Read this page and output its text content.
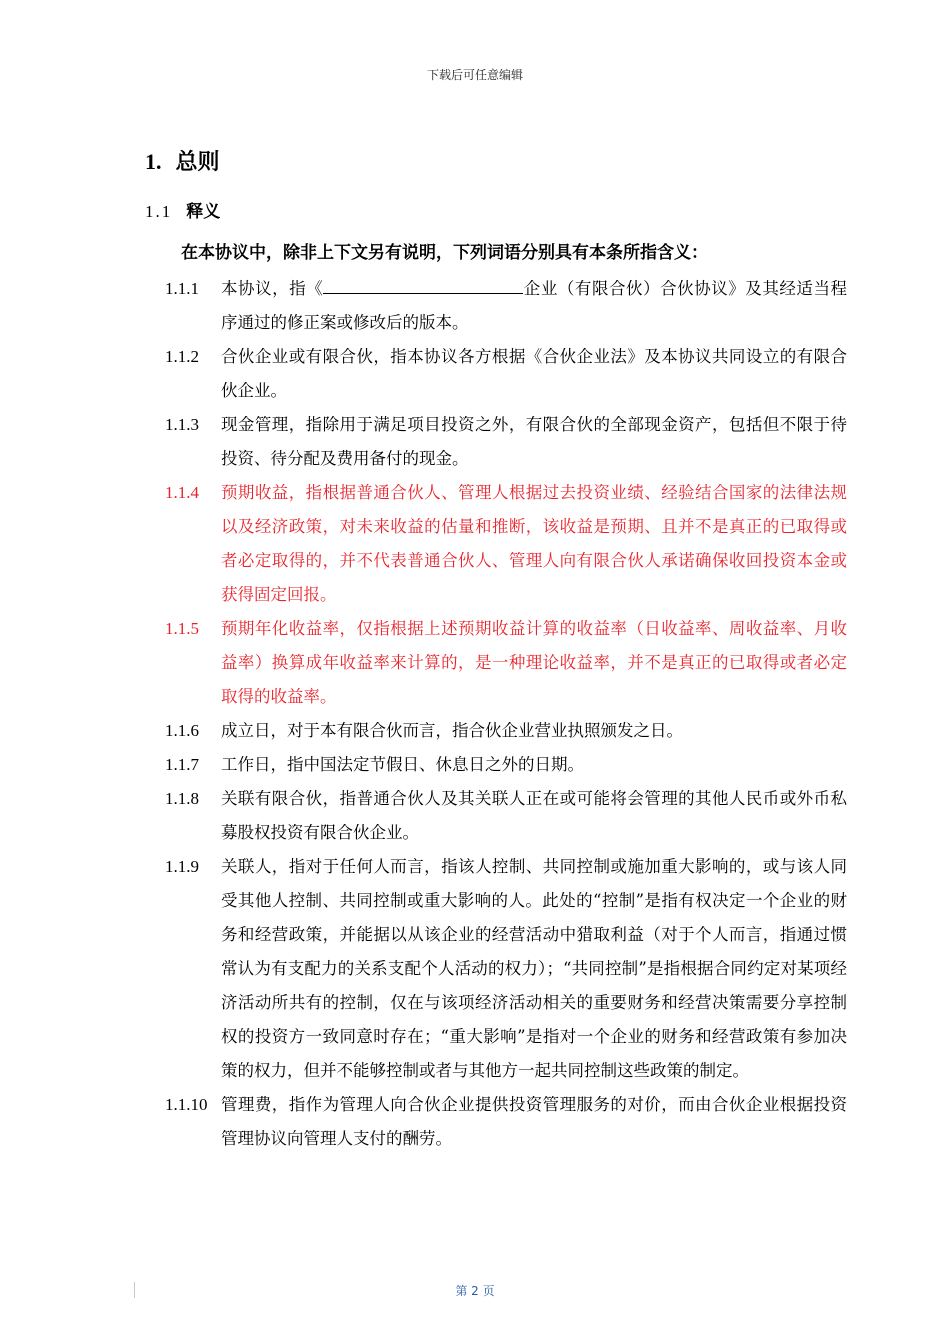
下载后可任意编辑
1. 总则
1.1 释义
在本协议中，除非上下文另有说明，下列词语分别具有本条所指含义：
1.1.1	本协议，指《	企业（有限合伙）合伙协议》及其经适当程序通过的修正案或修改后的版本。
1.1.2	合伙企业或有限合伙，指本协议各方根据《合伙企业法》及本协议共同设立的有限合伙企业。
1.1.3	现金管理，指除用于满足项目投资之外，有限合伙的全部现金资产，包括但不限于待投资、待分配及费用备付的现金。
1.1.4	预期收益，指根据普通合伙人、管理人根据过去投资业绩、经验结合国家的法律法规以及经济政策，对未来收益的估量和推断，该收益是预期、且并不是真正的已取得或者必定取得的，并不代表普通合伙人、管理人向有限合伙人承诺确保收回投资本金或获得固定回报。
1.1.5	预期年化收益率，仅指根据上述预期收益计算的收益率（日收益率、周收益率、月收益率）换算成年收益率来计算的，是一种理论收益率，并不是真正的已取得或者必定取得的收益率。
1.1.6	成立日，对于本有限合伙而言，指合伙企业营业执照颁发之日。
1.1.7	工作日，指中国法定节假日、休息日之外的日期。
1.1.8	关联有限合伙，指普通合伙人及其关联人正在或可能将会管理的其他人民币或外币私募股权投资有限合伙企业。
1.1.9	关联人，指对于任何人而言，指该人控制、共同控制或施加重大影响的，或与该人同受其他人控制、共同控制或重大影响的人。此处的“控制”是指有权决定一个企业的财务和经营政策，并能据以从该企业的经营活动中猎取利益（对于个人而言，指通过惯常认为有支配力的关系支配个人活动的权力）；“共同控制”是指根据合同约定对某项经济活动所共有的控制，仅在与该项经济活动相关的重要财务和经营决策需要分享控制权的投资方一致同意时存在；“重大影响”是指对一个企业的财务和经营政策有参加决策的权力，但并不能够控制或者与其他方一起共同控制这些政策的制定。
1.1.10 管理费，指作为管理人向合伙企业提供投资管理服务的对价，而由合伙企业根据投资管理协议向管理人支付的酬劳。
第 2 页
